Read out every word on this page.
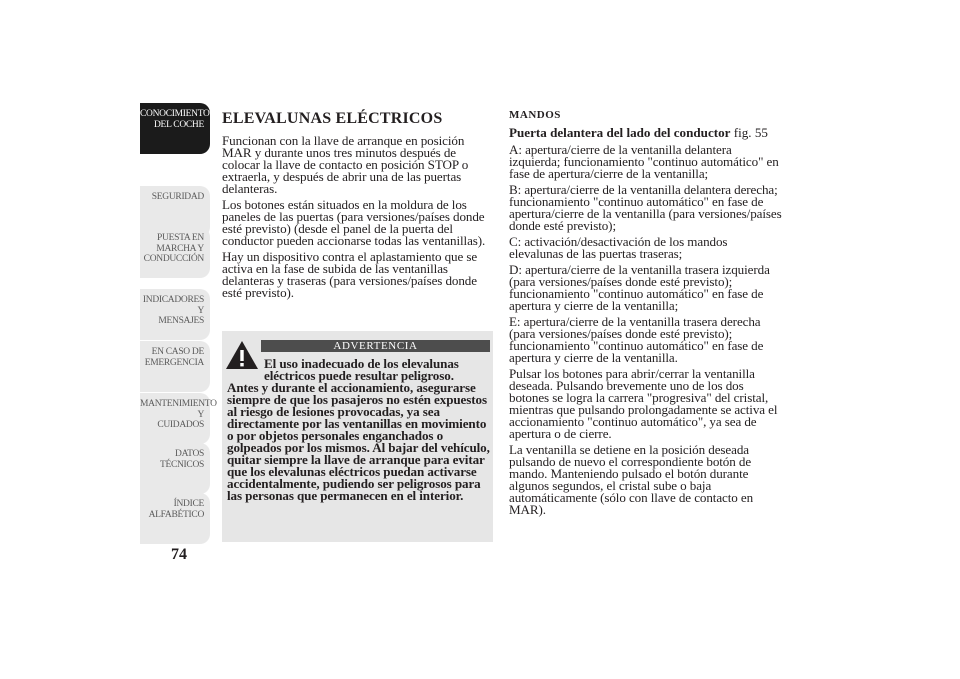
CONOCIMIENTO
DEL COCHE
SEGURIDAD
PUESTA EN
MARCHA Y
CONDUCCIÓN
INDICADORES Y
MENSAJES
EN CASO DE
EMERGENCIA
MANTENIMIENTO Y
CUIDADOS
DATOS TÉCNICOS
ÍNDICE
ALFABÉTICO
74
ELEVALUNAS ELÉCTRICOS

Funcionan con la llave de arranque en posición MAR y durante unos tres minutos después de colocar la llave de contacto en posición STOP o extraerla, y después de abrir una de las puertas delanteras.

Los botones están situados en la moldura de los paneles de las puertas (para versiones/países donde esté previsto) (desde el panel de la puerta del conductor pueden accionarse todas las ventanillas).

Hay un dispositivo contra el aplastamiento que se activa en la fase de subida de las ventanillas delanteras y traseras (para versiones/países donde esté previsto).

ADVERTENCIA
El uso inadecuado de los elevalunas eléctricos puede resultar peligroso.
Antes y durante el accionamiento, asegurarse siempre de que los pasajeros no estén expuestos al riesgo de lesiones provocadas, ya sea directamente por las ventanillas en movimiento o por objetos personales enganchados o golpeados por los mismos. Al bajar del vehículo, quitar siempre la llave de arranque para evitar que los elevalunas eléctricos puedan activarse accidentalmente, pudiendo ser peligrosos para las personas que permanecen en el interior.
MANDOS
Puerta delantera del lado del conductor fig. 55

A: apertura/cierre de la ventanilla delantera izquierda; funcionamiento "continuo automático" en fase de apertura/cierre de la ventanilla;

B: apertura/cierre de la ventanilla delantera derecha; funcionamiento "continuo automático" en fase de apertura/cierre de la ventanilla (para versiones/países donde esté previsto);

C: activación/desactivación de los mandos elevalunas de las puertas traseras;

D: apertura/cierre de la ventanilla trasera izquierda (para versiones/países donde esté previsto); funcionamiento "continuo automático" en fase de apertura y cierre de la ventanilla;

E: apertura/cierre de la ventanilla trasera derecha (para versiones/países donde esté previsto); funcionamiento "continuo automático" en fase de apertura y cierre de la ventanilla.

Pulsar los botones para abrir/cerrar la ventanilla deseada. Pulsando brevemente uno de los dos botones se logra la carrera "progresiva" del cristal, mientras que pulsando prolongadamente se activa el accionamiento "continuo automático", ya sea de apertura o de cierre.

La ventanilla se detiene en la posición deseada pulsando de nuevo el correspondiente botón de mando. Manteniendo pulsado el botón durante algunos segundos, el cristal sube o baja automáticamente (sólo con llave de contacto en MAR).
